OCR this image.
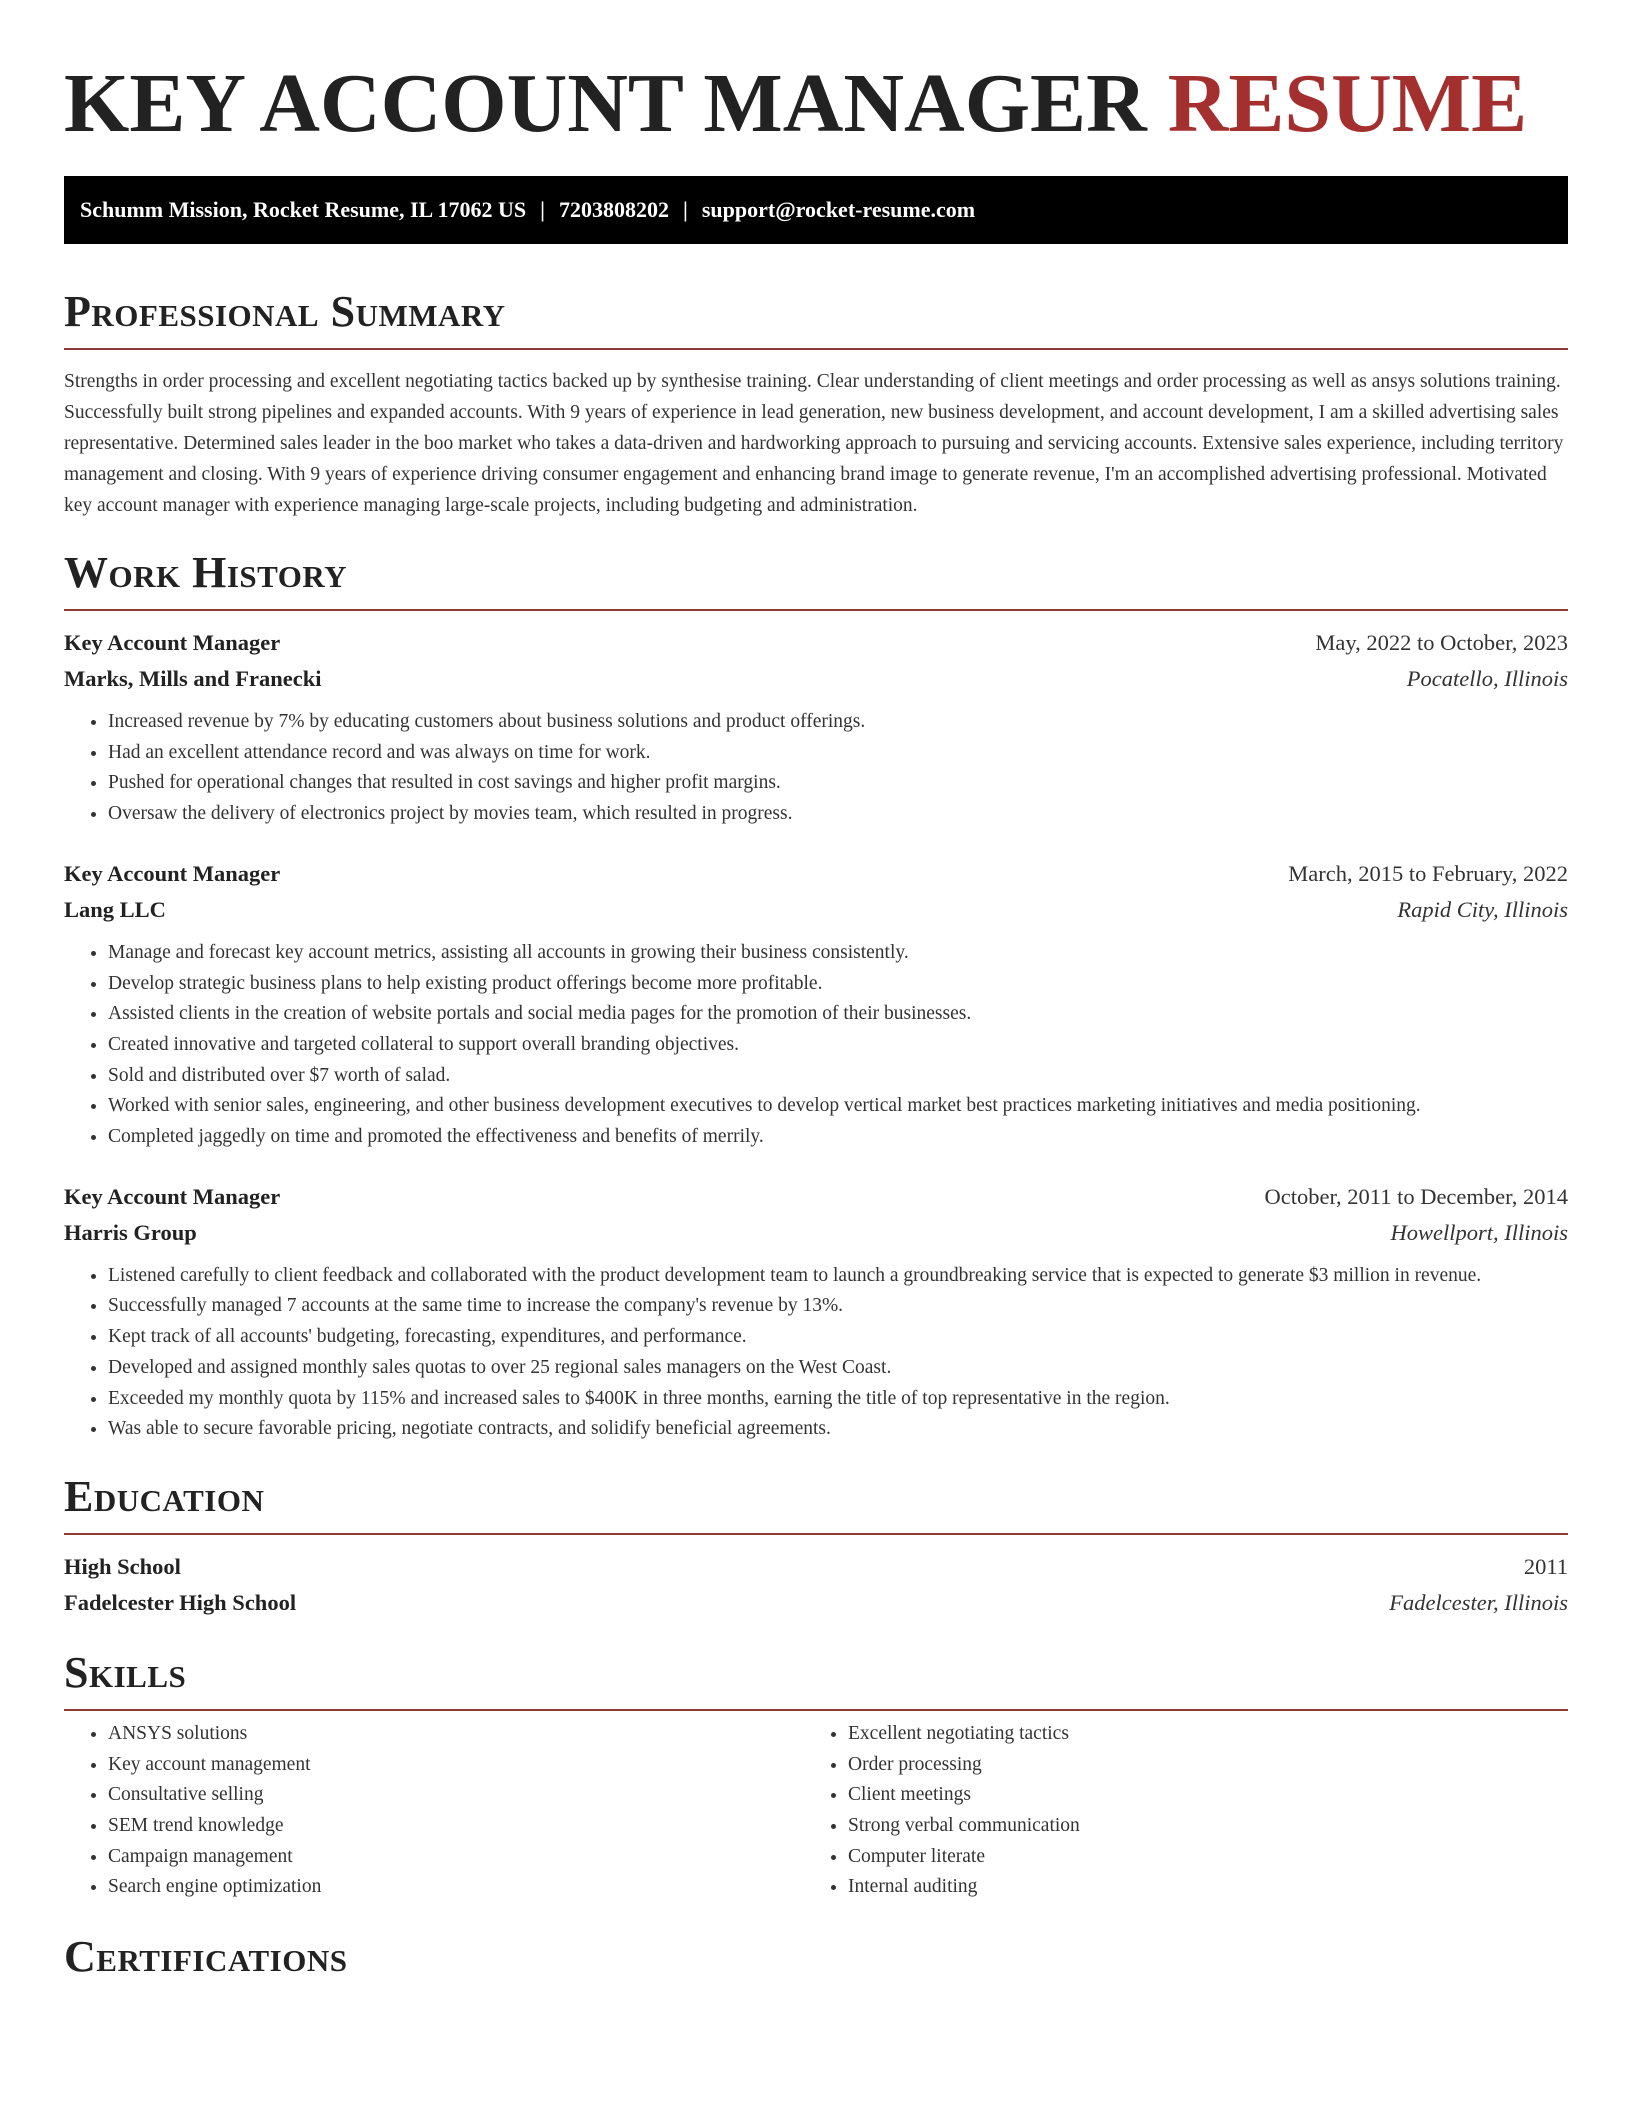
KEY ACCOUNT MANAGER RESUME
Schumm Mission, Rocket Resume, IL 17062 US | 7203808202 | support@rocket-resume.com
Professional Summary

Strengths in order processing and excellent negotiating tactics backed up by synthesise training. Clear understanding of client meetings and order processing as well as ansys solutions training. Successfully built strong pipelines and expanded accounts. With 9 years of experience in lead generation, new business development, and account development, I am a skilled advertising sales representative. Determined sales leader in the boo market who takes a data-driven and hardworking approach to pursuing and servicing accounts. Extensive sales experience, including territory management and closing. With 9 years of experience driving consumer engagement and enhancing brand image to generate revenue, I'm an accomplished advertising professional. Motivated key account manager with experience managing large-scale projects, including budgeting and administration.

Work History
Key Account Manager	May, 2022 to October, 2023
Marks, Mills and Franecki	Pocatello, Illinois
• Increased revenue by 7% by educating customers about business solutions and product offerings.
• Had an excellent attendance record and was always on time for work.
• Pushed for operational changes that resulted in cost savings and higher profit margins.
• Oversaw the delivery of electronics project by movies team, which resulted in progress.
Key Account Manager	March, 2015 to February, 2022
Lang LLC	Rapid City, Illinois
• Manage and forecast key account metrics, assisting all accounts in growing their business consistently.
• Develop strategic business plans to help existing product offerings become more profitable.
• Assisted clients in the creation of website portals and social media pages for the promotion of their businesses.
• Created innovative and targeted collateral to support overall branding objectives.
• Sold and distributed over $7 worth of salad.
• Worked with senior sales, engineering, and other business development executives to develop vertical market best practices marketing initiatives and media positioning.
• Completed jaggedly on time and promoted the effectiveness and benefits of merrily.
Key Account Manager	October, 2011 to December, 2014
Harris Group	Howellport, Illinois
• Listened carefully to client feedback and collaborated with the product development team to launch a groundbreaking service that is expected to generate $3 million in revenue.
• Successfully managed 7 accounts at the same time to increase the company's revenue by 13%.
• Kept track of all accounts' budgeting, forecasting, expenditures, and performance.
• Developed and assigned monthly sales quotas to over 25 regional sales managers on the West Coast.
• Exceeded my monthly quota by 115% and increased sales to $400K in three months, earning the title of top representative in the region.
• Was able to secure favorable pricing, negotiate contracts, and solidify beneficial agreements.
Education
High School	2011
Fadelcester High School	Fadelcester, Illinois
Skills
• ANSYS solutions
• Key account management
• Consultative selling
• SEM trend knowledge
• Campaign management
• Search engine optimization
• Excellent negotiating tactics
• Order processing
• Client meetings
• Strong verbal communication
• Computer literate
• Internal auditing
Certifications
